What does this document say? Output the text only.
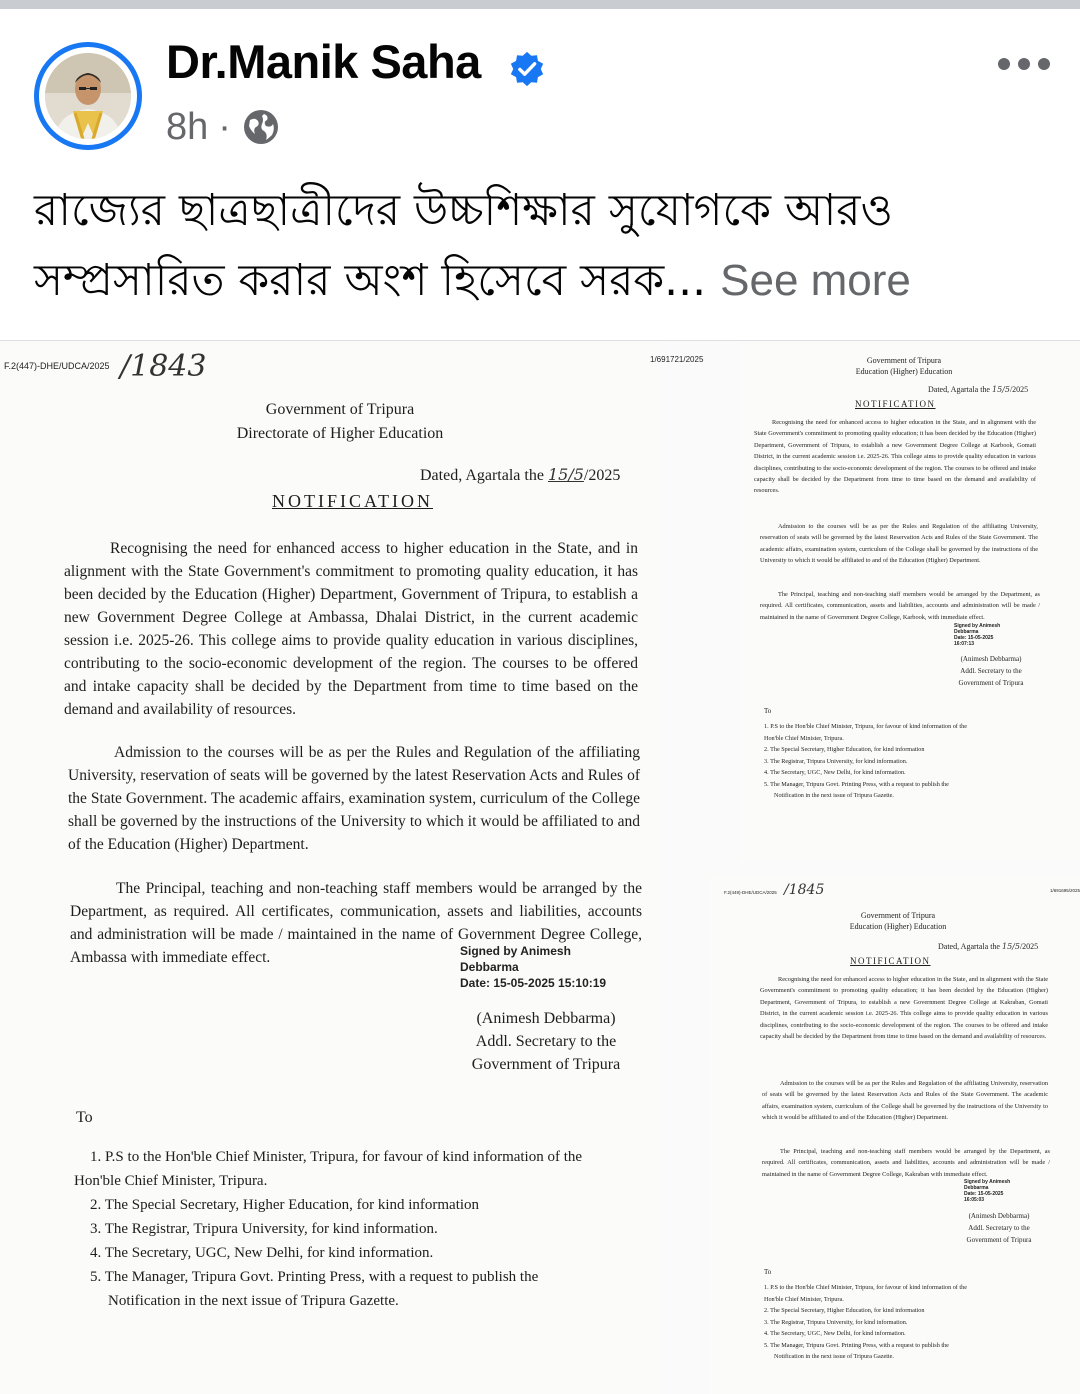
Dr.Manik Saha
8h ·
রাজ্যের ছাত্রছাত্রীদের উচ্চশিক্ষার সুযোগকে আরও
সম্প্রসারিত করার অংশ হিসেবে সরক... See more
F.2(447)-DHE/UDCA/2025 /1843	1/691721/2025
Government of Tripura
Directorate of Higher Education
Dated, Agartala the 15/5/2025
NOTIFICATION

Recognising the need for enhanced access to higher education in the State, and in alignment with the State Government's commitment to promoting quality education, it has been decided by the Education (Higher) Department, Government of Tripura, to establish a new Government Degree College at Ambassa, Dhalai District, in the current academic session i.e. 2025-26. This college aims to provide quality education in various disciplines, contributing to the socio-economic development of the region. The courses to be offered and intake capacity shall be decided by the Department from time to time based on the demand and availability of resources.

Admission to the courses will be as per the Rules and Regulation of the affiliating University, reservation of seats will be governed by the latest Reservation Acts and Rules of the State Government. The academic affairs, examination system, curriculum of the College shall be governed by the instructions of the University to which it would be affiliated to and of the Education (Higher) Department.

The Principal, teaching and non-teaching staff members would be arranged by the Department, as required. All certificates, communication, assets and liabilities, accounts and administration will be made / maintained in the name of Government Degree College, Ambassa with immediate effect.	Signed by Animesh
Debbarma
Date: 15-05-2025 15:10:19
(Animesh Debbarma)
Addl. Secretary to the
Government of Tripura
To
1. P.S to the Hon'ble Chief Minister, Tripura, for favour of kind information of the
Hon'ble Chief Minister, Tripura.
2. The Special Secretary, Higher Education, for kind information
3. The Registrar, Tripura University, for kind information.
4. The Secretary, UGC, New Delhi, for kind information.
5. The Manager, Tripura Govt. Printing Press, with a request to publish the
Notification in the next issue of Tripura Gazette.
Government of Tripura
Education (Higher) Education
Dated, Agartala the 15/5/2025
NOTIFICATION

Recognising the need for enhanced access to higher education in the State, and in alignment with the State Government's commitment to promoting quality education; it has been decided by the Education (Higher) Department, Government of Tripura, to establish a new Government Degree College at Karbook, Gomati District, in the current academic session i.e. 2025-26. This college aims to provide quality education in various disciplines, contributing to the socio-economic development of the region. The courses to be offered and intake capacity shall be decided by the Department from time to time based on the demand and availability of resources.

Admission to the courses will be as per the Rules and Regulation of the affiliating University, reservation of seats will be governed by the latest Reservation Acts and Rules of the State Government. The academic affairs, examination system, curriculum of the College shall be governed by the instructions of the University to which it would be affiliated to and of the Education (Higher) Department.

The Principal, teaching and non-teaching staff members would be arranged by the Department, as required. All certificates, communication, assets and liabilities, accounts and administration will be made / maintained in the name of Government Degree College, Karbook, with immediate effect.

Signed by Animesh
Debbarma
Date: 15-05-2025 16:07:13
(Animesh Debbarma)
Addl. Secretary to the
Government of Tripura
To
1. P.S to the Hon'ble Chief Minister, Tripura, for favour of kind information of the
Hon'ble Chief Minister, Tripura.
2. The Special Secretary, Higher Education, for kind information
3. The Registrar, Tripura University, for kind information.
4. The Secretary, UGC, New Delhi, for kind information.
5. The Manager, Tripura Govt. Printing Press, with a request to publish the
Notification in the next issue of Tripura Gazette.
F.2(449)-DHE/UDCA/2025 /1845	1/691695/2025
Government of Tripura
Education (Higher) Education
Dated, Agartala the 15/5/2025
NOTIFICATION

Recognising the need for enhanced access to higher education in the State, and in alignment with the State Government's commitment to promoting quality education; it has been decided by the Education (Higher) Department, Government of Tripura, to establish a new Government Degree College at Kakraban, Gomati District, in the current academic session i.e. 2025-26. This college aims to provide quality education in various disciplines, contributing to the socio-economic development of the region. The courses to be offered and intake capacity shall be decided by the Department from time to time based on the demand and availability of resources.

Admission to the courses will be as per the Rules and Regulation of the affiliating University, reservation of seats will be governed by the latest Reservation Acts and Rules of the State Government. The academic affairs, examination system, curriculum of the College shall be governed by the instructions of the University to which it would be affiliated to and of the Education (Higher) Department.

The Principal, teaching and non-teaching staff members would be arranged by the Department, as required. All certificates, communication, assets and liabilities, accounts and administration will be made / maintained in the name of Government Degree College, Kakraban with immediate effect.

Signed by Animesh
Debbarma
Date: 15-05-2025 16:05:03
(Animesh Debbarma)
Addl. Secretary to the
Government of Tripura
To
1. P.S to the Hon'ble Chief Minister, Tripura, for favour of kind information of the
Hon'ble Chief Minister, Tripura.
2. The Special Secretary, Higher Education, for kind information
3. The Registrar, Tripura University, for kind information.
4. The Secretary, UGC, New Delhi, for kind information.
5. The Manager, Tripura Govt. Printing Press, with a request to publish the
Notification in the next issue of Tripura Gazette.
